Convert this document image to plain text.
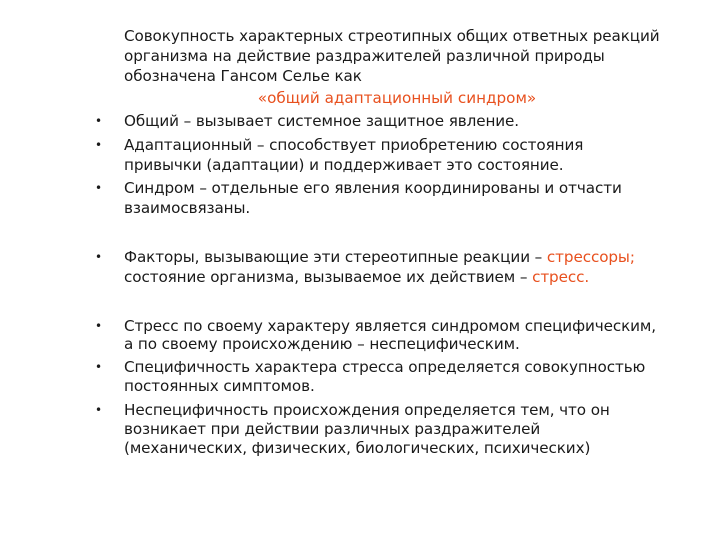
Совокупность характерных стреотипных общих ответных реакций
организма на действие раздражителей различной природы
обозначена Гансом Селье как
«общий адаптационный синдром»
• Общий – вызывает системное защитное явление.
• Адаптационный – способствует приобретению состояния
привычки (адаптации) и поддерживает это состояние.
• Синдром – отдельные его явления координированы и отчасти
взаимосвязаны.
• Факторы, вызывающие эти стереотипные реакции – стрессоры;
состояние организма, вызываемое их действием – стресс.
• Стресс по своему характеру является синдромом специфическим,
а по своему происхождению – неспецифическим.
• Специфичность характера стресса определяется совокупностью
постоянных симптомов.
• Неспецифичность происхождения определяется тем, что он
возникает при действии различных раздражителей
(механических, физических, биологических, психических)
